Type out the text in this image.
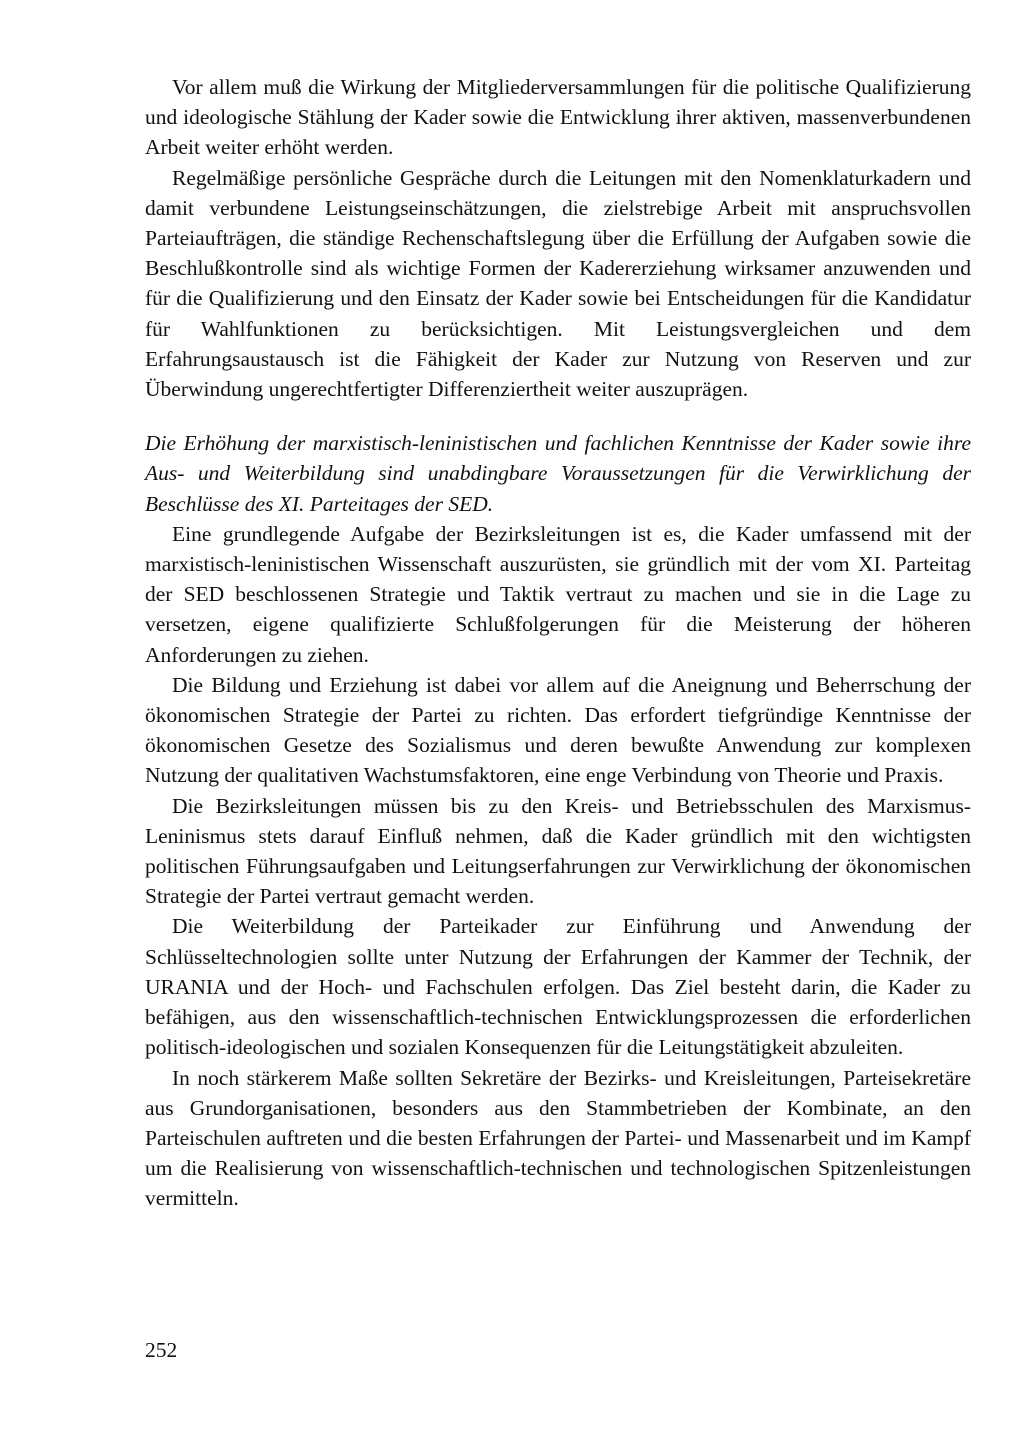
Vor allem muß die Wirkung der Mitgliederversammlungen für die politische Qualifizierung und ideologische Stählung der Kader sowie die Entwicklung ihrer aktiven, massenverbundenen Arbeit weiter erhöht werden.

Regelmäßige persönliche Gespräche durch die Leitungen mit den Nomenklaturkadern und damit verbundene Leistungseinschätzungen, die zielstrebige Arbeit mit anspruchsvollen Parteiaufträgen, die ständige Rechenschaftslegung über die Erfüllung der Aufgaben sowie die Beschlußkontrolle sind als wichtige Formen der Kadererziehung wirksamer anzuwenden und für die Qualifizierung und den Einsatz der Kader sowie bei Entscheidungen für die Kandidatur für Wahlfunktionen zu berücksichtigen. Mit Leistungsvergleichen und dem Erfahrungsaustausch ist die Fähigkeit der Kader zur Nutzung von Reserven und zur Überwindung ungerechtfertigter Differenziertheit weiter auszuprägen.

Die Erhöhung der marxistisch-leninistischen und fachlichen Kenntnisse der Kader sowie ihre Aus- und Weiterbildung sind unabdingbare Voraussetzungen für die Verwirklichung der Beschlüsse des XI. Parteitages der SED.

Eine grundlegende Aufgabe der Bezirksleitungen ist es, die Kader umfassend mit der marxistisch-leninistischen Wissenschaft auszurüsten, sie gründlich mit der vom XI. Parteitag der SED beschlossenen Strategie und Taktik vertraut zu machen und sie in die Lage zu versetzen, eigene qualifizierte Schlußfolgerungen für die Meisterung der höheren Anforderungen zu ziehen.

Die Bildung und Erziehung ist dabei vor allem auf die Aneignung und Beherrschung der ökonomischen Strategie der Partei zu richten. Das erfordert tiefgründige Kenntnisse der ökonomischen Gesetze des Sozialismus und deren bewußte Anwendung zur komplexen Nutzung der qualitativen Wachstumsfaktoren, eine enge Verbindung von Theorie und Praxis.

Die Bezirksleitungen müssen bis zu den Kreis- und Betriebsschulen des Marxismus-Leninismus stets darauf Einfluß nehmen, daß die Kader gründlich mit den wichtigsten politischen Führungsaufgaben und Leitungserfahrungen zur Verwirklichung der ökonomischen Strategie der Partei vertraut gemacht werden.

Die Weiterbildung der Parteikader zur Einführung und Anwendung der Schlüsseltechnologien sollte unter Nutzung der Erfahrungen der Kammer der Technik, der URANIA und der Hoch- und Fachschulen erfolgen. Das Ziel besteht darin, die Kader zu befähigen, aus den wissenschaftlich-technischen Entwicklungsprozessen die erforderlichen politisch-ideologischen und sozialen Konsequenzen für die Leitungstätigkeit abzuleiten.

In noch stärkerem Maße sollten Sekretäre der Bezirks- und Kreisleitungen, Parteisekretäre aus Grundorganisationen, besonders aus den Stammbetrieben der Kombinate, an den Parteischulen auftreten und die besten Erfahrungen der Partei- und Massenarbeit und im Kampf um die Realisierung von wissenschaftlich-technischen und technologischen Spitzenleistungen vermitteln.

252
